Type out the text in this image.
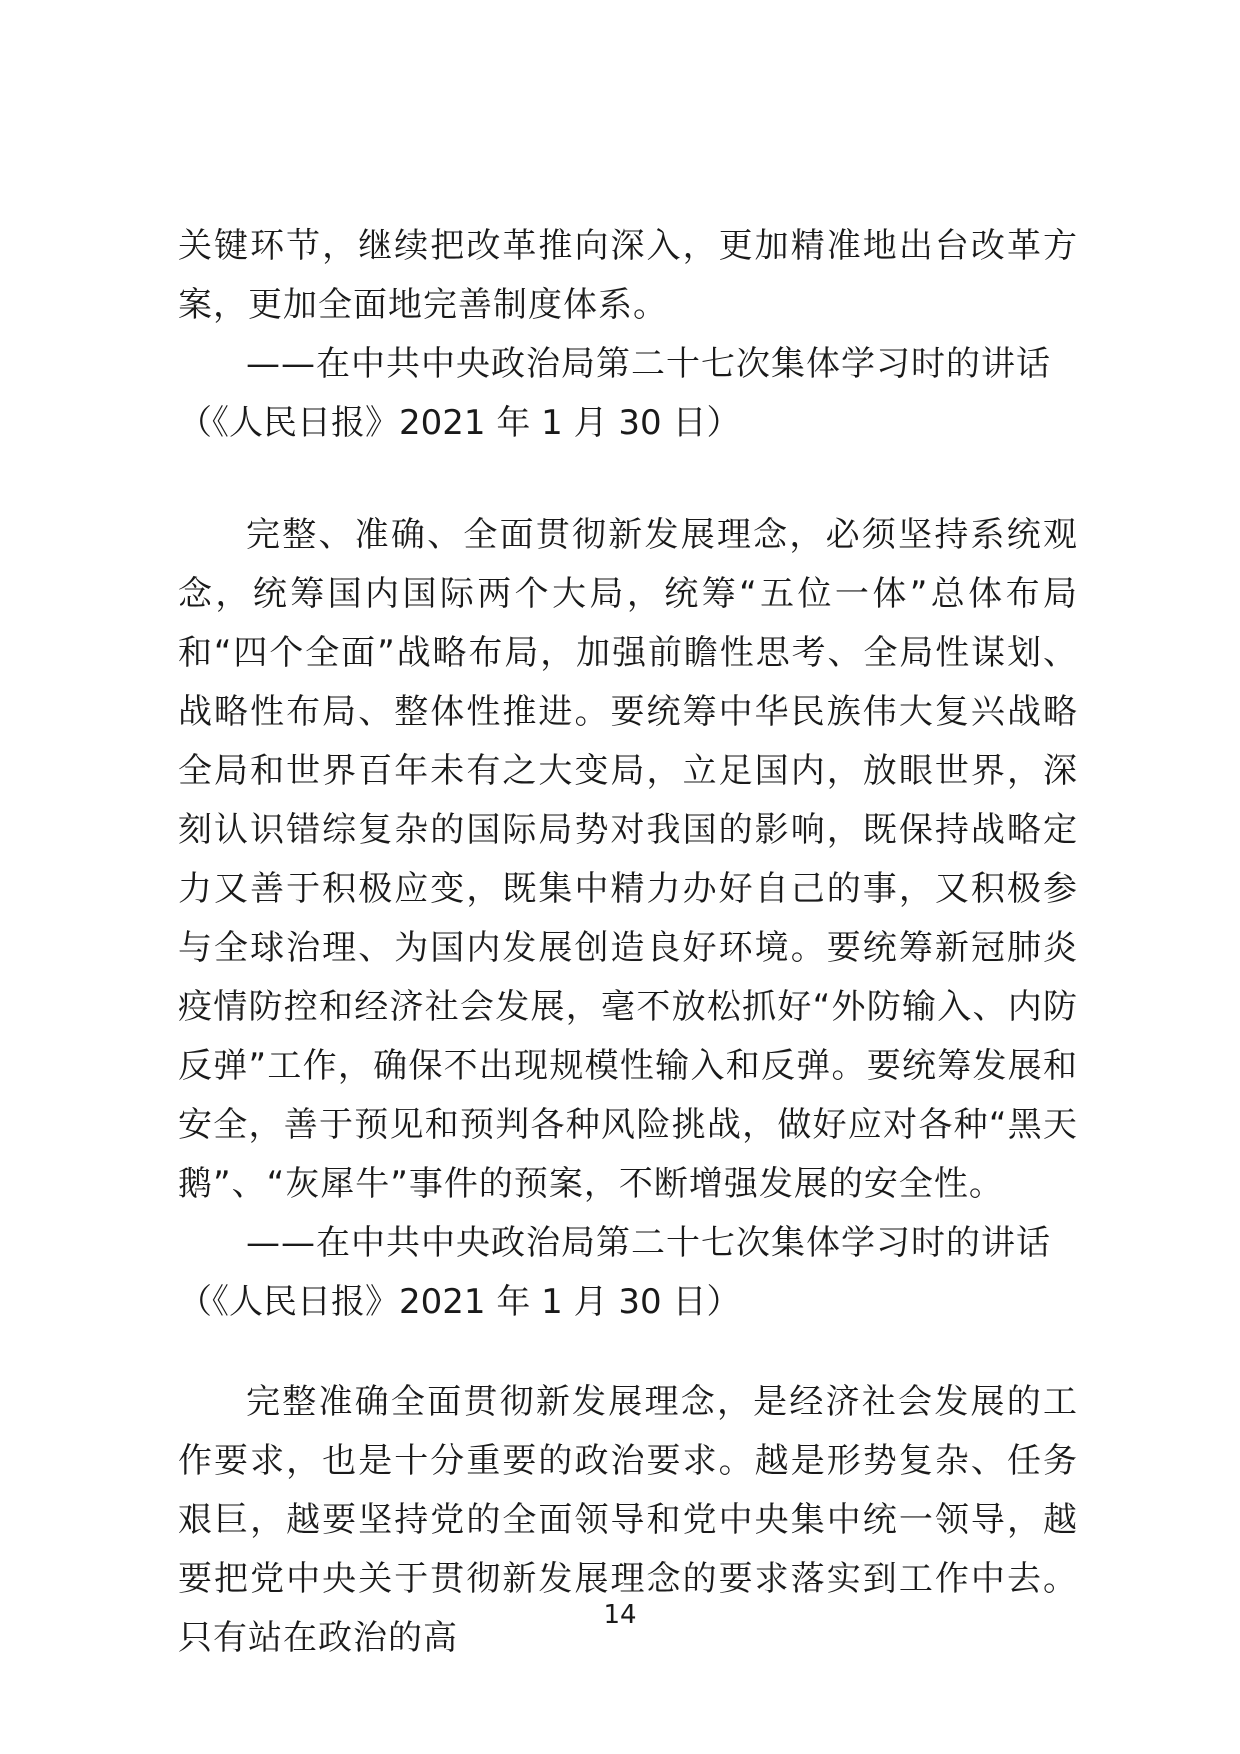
关键环节，继续把改革推向深入，更加精准地出台改革方案，更加全面地完善制度体系。

——在中共中央政治局第二十七次集体学习时的讲话

（《人民日报》2021 年 1 月 30 日）

完整、准确、全面贯彻新发展理念，必须坚持系统观念，统筹国内国际两个大局，统筹“五位一体”总体布局和“四个全面”战略布局，加强前瞻性思考、全局性谋划、战略性布局、整体性推进。要统筹中华民族伟大复兴战略全局和世界百年未有之大变局，立足国内，放眼世界，深刻认识错综复杂的国际局势对我国的影响，既保持战略定力又善于积极应变，既集中精力办好自己的事，又积极参与全球治理、为国内发展创造良好环境。要统筹新冠肺炎疫情防控和经济社会发展，毫不放松抓好“外防输入、内防反弹”工作，确保不出现规模性输入和反弹。要统筹发展和安全，善于预见和预判各种风险挑战，做好应对各种“黑天鹅”、“灰犀牛”事件的预案，不断增强发展的安全性。

——在中共中央政治局第二十七次集体学习时的讲话

（《人民日报》2021 年 1 月 30 日）

完整准确全面贯彻新发展理念，是经济社会发展的工作要求，也是十分重要的政治要求。越是形势复杂、任务艰巨，越要坚持党的全面领导和党中央集中统一领导，越要把党中央关于贯彻新发展理念的要求落实到工作中去。只有站在政治的高

14
